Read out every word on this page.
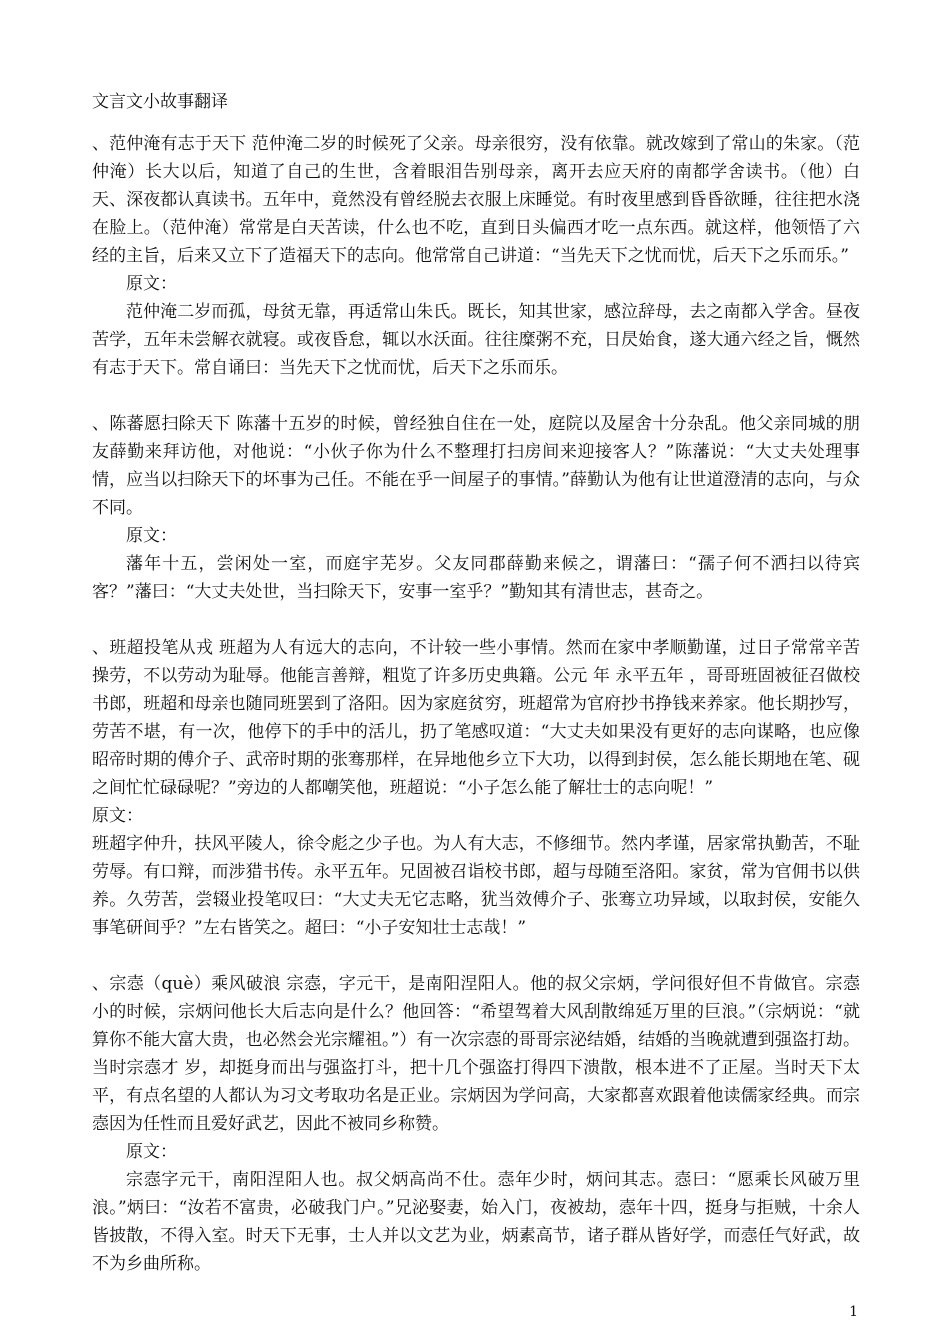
文言文小故事翻译

、范仲淹有志于天下 范仲淹二岁的时候死了父亲。母亲很穷，没有依靠。就改嫁到了常山的朱家。（范仲淹）长大以后，知道了自己的生世，含着眼泪告别母亲，离开去应天府的南都学舍读书。（他）白天、深夜都认真读书。五年中，竟然没有曾经脱去衣服上床睡觉。有时夜里感到昏昏欲睡，往往把水浇在脸上。（范仲淹）常常是白天苦读，什么也不吃，直到日头偏西才吃一点东西。就这样，他领悟了六经的主旨，后来又立下了造福天下的志向。他常常自己讲道：“当先天下之忧而忧，后天下之乐而乐。”

原文：

范仲淹二岁而孤，母贫无靠，再适常山朱氏。既长，知其世家，感泣辞母，去之南都入学舍。昼夜苦学，五年未尝解衣就寝。或夜昏怠，辄以水沃面。往往糜粥不充，日昃始食，遂大通六经之旨，慨然有志于天下。常自诵曰：当先天下之忧而忧，后天下之乐而乐。

、陈蕃愿扫除天下 陈藩十五岁的时候，曾经独自住在一处，庭院以及屋舍十分杂乱。他父亲同城的朋友薛勤来拜访他，对他说：“小伙子你为什么不整理打扫房间来迎接客人？”陈藩说：“大丈夫处理事情，应当以扫除天下的坏事为己任。不能在乎一间屋子的事情。”薛勤认为他有让世道澄清的志向，与众不同。

原文：

藩年十五，尝闲处一室，而庭宇芜岁。父友同郡薛勤来候之，谓藩曰：“孺子何不洒扫以待宾客？”藩曰：“大丈夫处世，当扫除天下，安事一室乎？”勤知其有清世志，甚奇之。

、班超投笔从戎 班超为人有远大的志向，不计较一些小事情。然而在家中孝顺勤谨，过日子常常辛苦操劳，不以劳动为耻辱。他能言善辩，粗览了许多历史典籍。公元 年 永平五年 ，哥哥班固被征召做校书郎，班超和母亲也随同班罢到了洛阳。因为家庭贫穷，班超常为官府抄书挣钱来养家。他长期抄写，劳苦不堪，有一次，他停下的手中的活儿，扔了笔感叹道：“大丈夫如果没有更好的志向谋略，也应像昭帝时期的傅介子、武帝时期的张骞那样，在异地他乡立下大功，以得到封侯，怎么能长期地在笔、砚之间忙忙碌碌呢？”旁边的人都嘲笑他，班超说：“小子怎么能了解壮士的志向呢！”

原文：

班超字仲升，扶风平陵人，徐令彪之少子也。为人有大志，不修细节。然内孝谨，居家常执勤苦，不耻劳辱。有口辩，而涉猎书传。永平五年。兄固被召诣校书郎，超与母随至洛阳。家贫，常为官佣书以供养。久劳苦，尝辍业投笔叹曰：“大丈夫无它志略，犹当效傅介子、张骞立功异域，以取封侯，安能久事笔研间乎？”左右皆笑之。超曰：“小子安知壮士志哉！”

、宗悫（què）乘风破浪 宗悫，字元干，是南阳涅阳人。他的叔父宗炳，学问很好但不肯做官。宗悫小的时候，宗炳问他长大后志向是什么？他回答：“希望驾着大风刮散绵延万里的巨浪。”（宗炳说：“就算你不能大富大贵，也必然会光宗耀祖。”）有一次宗悫的哥哥宗泌结婚，结婚的当晚就遭到强盗打劫。当时宗悫才 岁，却挺身而出与强盗打斗，把十几个强盗打得四下溃散，根本进不了正屋。当时天下太平，有点名望的人都认为习文考取功名是正业。宗炳因为学问高，大家都喜欢跟着他读儒家经典。而宗悫因为任性而且爱好武艺，因此不被同乡称赞。

原文：

宗悫字元干，南阳涅阳人也。叔父炳高尚不仕。悫年少时，炳问其志。悫曰：“愿乘长风破万里浪。”炳曰：“汝若不富贵，必破我门户。”兄泌娶妻，始入门，夜被劫，悫年十四，挺身与拒贼，十余人皆披散，不得入室。时天下无事，士人并以文艺为业，炳素高节，诸子群从皆好学，而悫任气好武，故不为乡曲所称。

1
